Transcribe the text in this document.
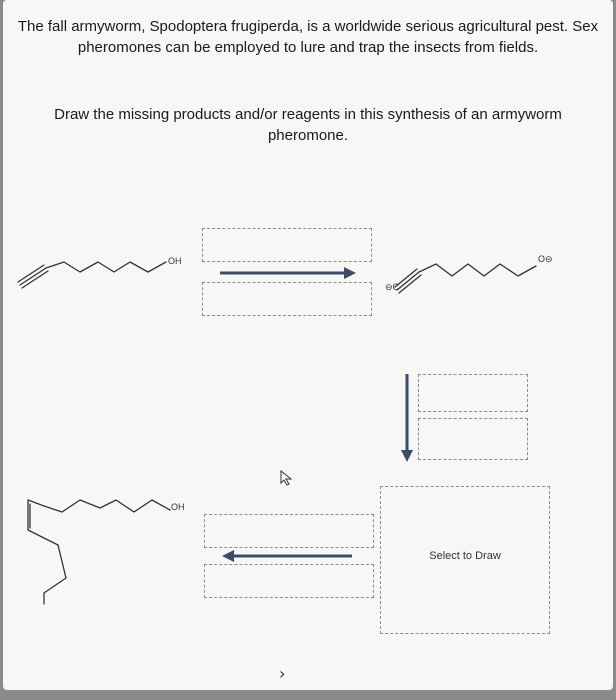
The fall armyworm, Spodoptera frugiperda, is a worldwide serious agricultural pest. Sex pheromones can be employed to lure and trap the insects from fields.
Draw the missing products and/or reagents in this synthesis of an armyworm pheromone.
OH	O⊖
⊖C
OH
Select to Draw
›
